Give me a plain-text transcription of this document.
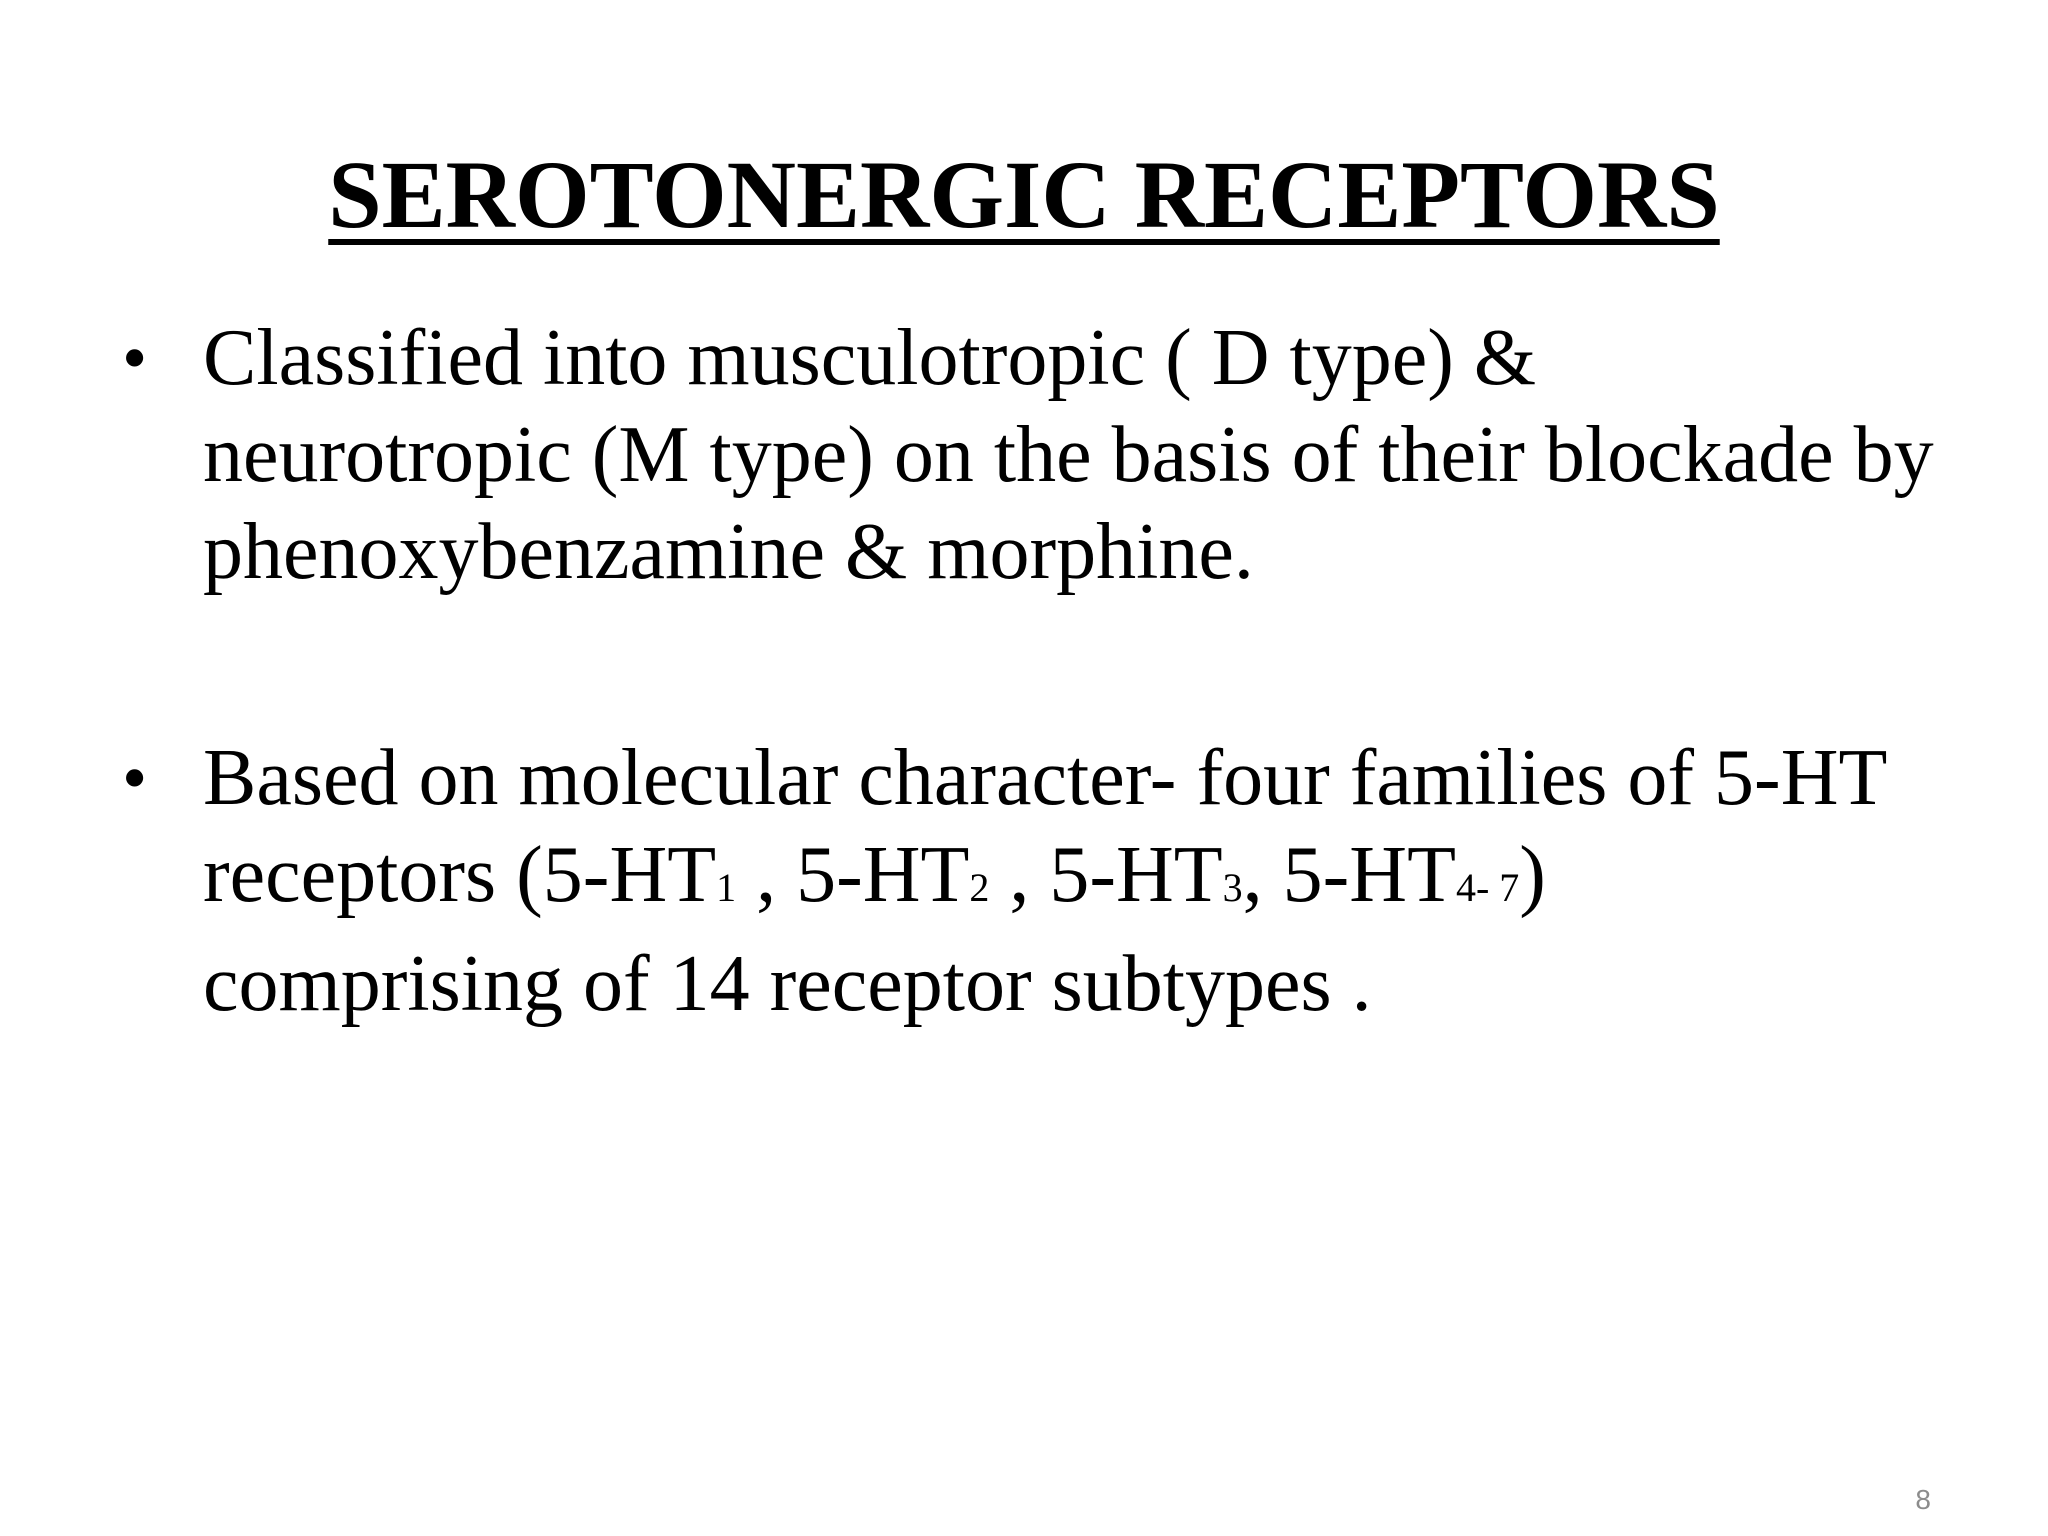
SEROTONERGIC RECEPTORS
• Classified into musculotropic ( D type) &
neurotropic (M type) on the basis of their blockade by
phenoxybenzamine & morphine.
• Based on molecular character- four families of 5-HT
receptors (5-HT1 , 5-HT2 , 5-HT3, 5-HT4- 7)
comprising of 14 receptor subtypes .
8
